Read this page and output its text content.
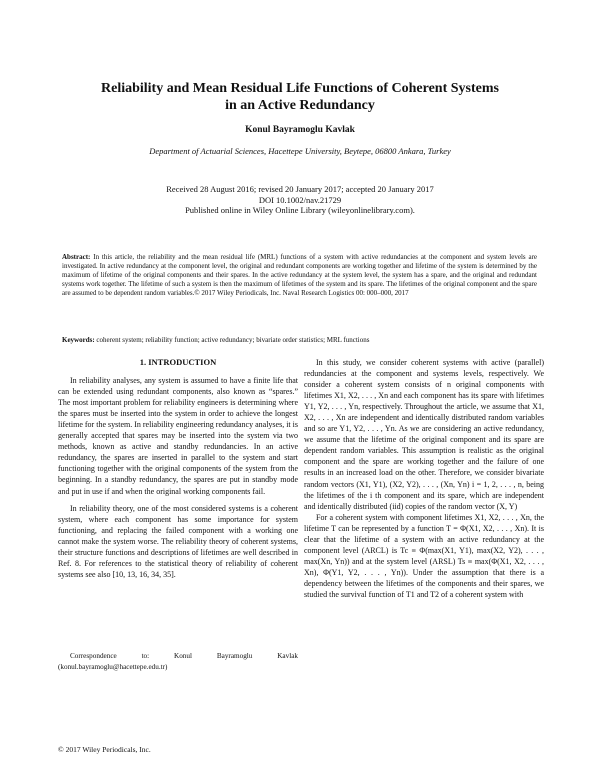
Reliability and Mean Residual Life Functions of Coherent Systems
in an Active Redundancy
Konul Bayramoglu Kavlak
Department of Actuarial Sciences, Hacettepe University, Beytepe, 06800 Ankara, Turkey
Received 28 August 2016; revised 20 January 2017; accepted 20 January 2017
DOI 10.1002/nav.21729
Published online in Wiley Online Library (wileyonlinelibrary.com).
Abstract: In this article, the reliability and the mean residual life (MRL) functions of a system with active redundancies at the component and system levels are investigated. In active redundancy at the component level, the original and redundant components are working together and lifetime of the system is determined by the maximum of lifetime of the original components and their spares. In the active redundancy at the system level, the system has a spare, and the original and redundant systems work together. The lifetime of such a system is then the maximum of lifetimes of the system and its spare. The lifetimes of the original component and the spare are assumed to be dependent random variables.© 2017 Wiley Periodicals, Inc. Naval Research Logistics 00: 000–000, 2017
Keywords: coherent system; reliability function; active redundancy; bivariate order statistics; MRL functions
1. INTRODUCTION

In reliability analyses, any system is assumed to have a finite life that can be extended using redundant components, also known as “spares.” The most important problem for reliability engineers is determining where the spares must be inserted into the system in order to achieve the longest lifetime for the system. In reliability engineering redundancy analyses, it is generally accepted that spares may be inserted into the system via two methods, known as active and standby redundancies. In an active redundancy, the spares are inserted in parallel to the system and start functioning together with the original components of the system from the beginning. In a standby redundancy, the spares are put in standby mode and put in use if and when the original working components fail.

In reliability theory, one of the most considered systems is a coherent system, where each component has some importance for system functioning, and replacing the failed component with a working one cannot make the system worse. The reliability theory of coherent systems, their structure functions and descriptions of lifetimes are well described in Ref. 8. For references to the statistical theory of reliability of coherent systems see also [10, 13, 16, 34, 35].

Correspondence to: Konul Bayramoglu Kavlak (konul.bayramoglu@hacettepe.edu.tr)

In this study, we consider coherent systems with active (parallel) redundancies at the component and systems levels, respectively. We consider a coherent system consists of n original components with lifetimes X1, X2, . . . , Xn and each component has its spare with lifetimes Y1, Y2, . . . , Yn, respectively. Throughout the article, we assume that X1, X2, . . . , Xn are independent and identically distributed random variables and so are Y1, Y2, . . . , Yn. As we are considering an active redundancy, we assume that the lifetime of the original component and its spare are dependent random variables. This assumption is realistic as the original component and the spare are working together and the failure of one results in an increased load on the other. Therefore, we consider bivariate random vectors (X1, Y1), (X2, Y2), . . . , (Xn, Yn) i = 1, 2, . . . , n, being the lifetimes of the i th component and its spare, which are independent and identically distributed (iid) copies of the random vector (X, Y)

For a coherent system with component lifetimes X1, X2, . . . , Xn, the lifetime T can be represented by a function T = Φ(X1, X2, . . . , Xn). It is clear that the lifetime of a system with an active redundancy at the component level (ARCL) is Tc ≡ Φ(max(X1, Y1), max(X2, Y2), . . . , max(Xn, Yn)) and at the system level (ARSL) Ts ≡ max(Φ(X1, X2, . . . , Xn), Φ(Y1, Y2, . . . , Yn)). Under the assumption that there is a dependency between the lifetimes of the components and their spares, we studied the survival function of T1 and T2 of a coherent system with

© 2017 Wiley Periodicals, Inc.
